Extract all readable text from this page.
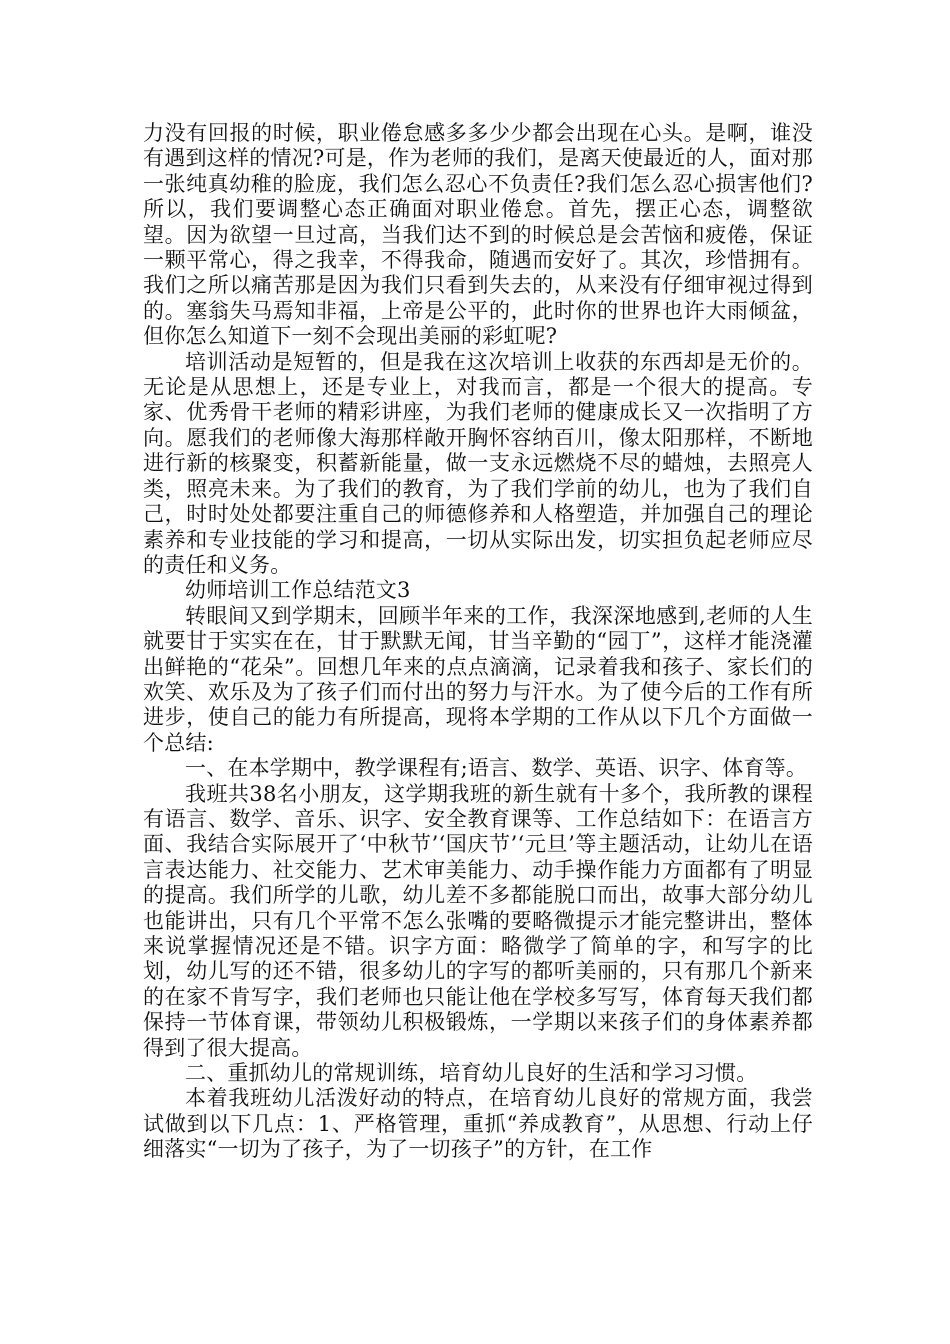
力没有回报的时候，职业倦怠感多多少少都会出现在心头。是啊，谁没有遇到这样的情况?可是，作为老师的我们，是离天使最近的人，面对那一张纯真幼稚的脸庞，我们怎么忍心不负责任?我们怎么忍心损害他们?所以，我们要调整心态正确面对职业倦怠。首先，摆正心态，调整欲望。因为欲望一旦过高，当我们达不到的时候总是会苦恼和疲倦，保证一颗平常心，得之我幸，不得我命，随遇而安好了。其次，珍惜拥有。我们之所以痛苦那是因为我们只看到失去的，从来没有仔细审视过得到的。塞翁失马焉知非福，上帝是公平的，此时你的世界也许大雨倾盆，但你怎么知道下一刻不会现出美丽的彩虹呢?

培训活动是短暂的，但是我在这次培训上收获的东西却是无价的。无论是从思想上，还是专业上，对我而言，都是一个很大的提高。专家、优秀骨干老师的精彩讲座，为我们老师的健康成长又一次指明了方向。愿我们的老师像大海那样敞开胸怀容纳百川，像太阳那样，不断地进行新的核聚变，积蓄新能量，做一支永远燃烧不尽的蜡烛，去照亮人类，照亮未来。为了我们的教育，为了我们学前的幼儿，也为了我们自己，时时处处都要注重自己的师德修养和人格塑造，并加强自己的理论素养和专业技能的学习和提高，一切从实际出发，切实担负起老师应尽的责任和义务。

幼师培训工作总结范文3

转眼间又到学期末，回顾半年来的工作，我深深地感到,老师的人生就要甘于实实在在，甘于默默无闻，甘当辛勤的“园丁”，这样才能浇灌出鲜艳的“花朵”。回想几年来的点点滴滴，记录着我和孩子、家长们的欢笑、欢乐及为了孩子们而付出的努力与汗水。为了使今后的工作有所进步，使自己的能力有所提高，现将本学期的工作从以下几个方面做一个总结:

一、在本学期中，教学课程有;语言、数学、英语、识字、体育等。

我班共38名小朋友，这学期我班的新生就有十多个，我所教的课程有语言、数学、音乐、识字、安全教育课等、工作总结如下：在语言方面、我结合实际展开了‘中秋节’‘国庆节’‘元旦’等主题活动，让幼儿在语言表达能力、社交能力、艺术审美能力、动手操作能力方面都有了明显的提高。我们所学的儿歌，幼儿差不多都能脱口而出，故事大部分幼儿也能讲出，只有几个平常不怎么张嘴的要略微提示才能完整讲出，整体来说掌握情况还是不错。识字方面：略微学了简单的字，和写字的比划，幼儿写的还不错，很多幼儿的字写的都听美丽的，只有那几个新来的在家不肯写字，我们老师也只能让他在学校多写写，体育每天我们都保持一节体育课，带领幼儿积极锻炼，一学期以来孩子们的身体素养都得到了很大提高。

二、重抓幼儿的常规训练，培育幼儿良好的生活和学习习惯。

本着我班幼儿活泼好动的特点，在培育幼儿良好的常规方面，我尝试做到以下几点：1、严格管理，重抓“养成教育”，从思想、行动上仔细落实“一切为了孩子，为了一切孩子”的方针，在工作
